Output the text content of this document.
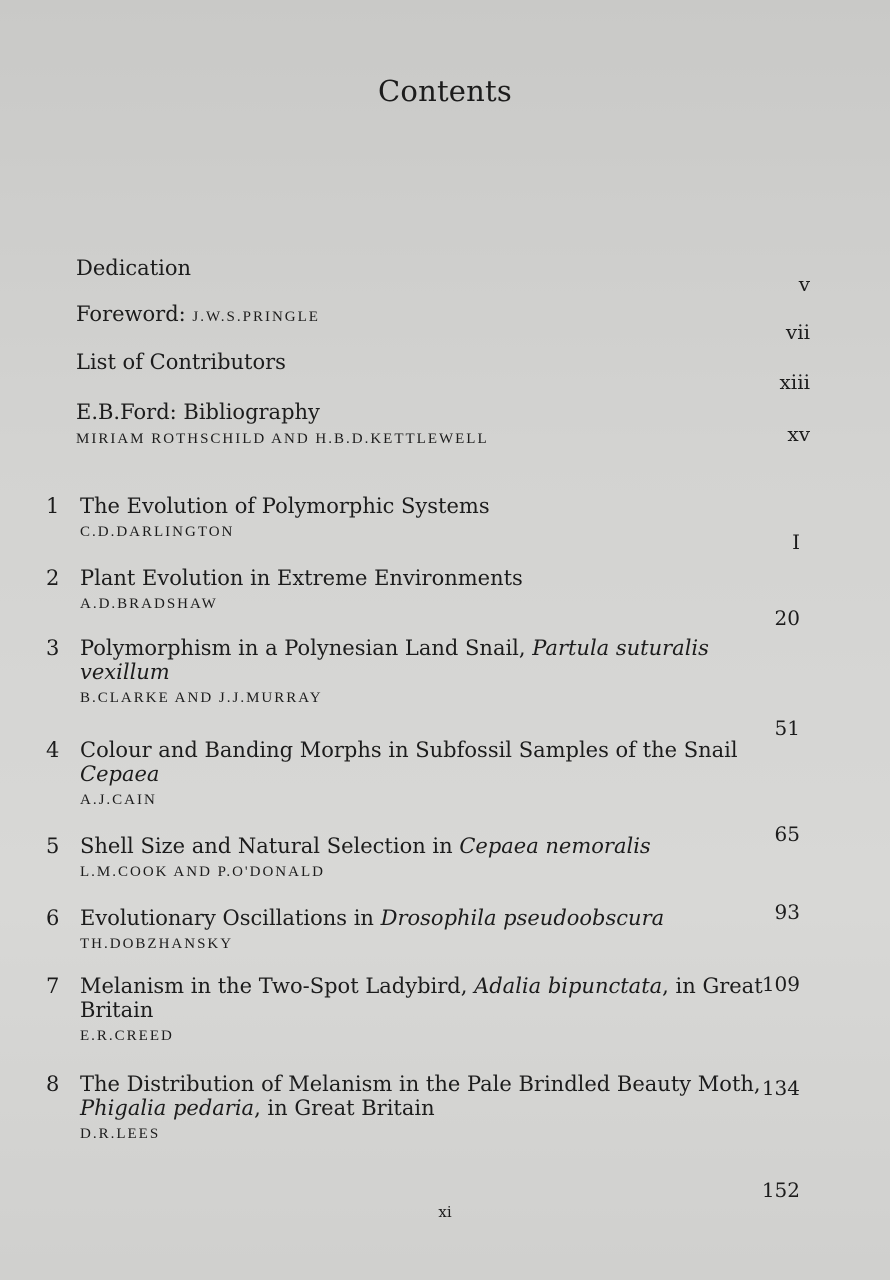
Contents
Dedication
v
Foreword: J.W.S.PRINGLE
vii
List of Contributors
xiii
E.B.Ford: Bibliography
MIRIAM ROTHSCHILD AND H.B.D.KETTLEWELL	xv
1 The Evolution of Polymorphic Systems
C.D.DARLINGTON	I
2 Plant Evolution in Extreme Environments
A.D.BRADSHAW
20
3 Polymorphism in a Polynesian Land Snail, Partula suturalis vexillum
B.CLARKE AND J.J.MURRAY
51
4 Colour and Banding Morphs in Subfossil Samples of the Snail Cepaea
A.J.CAIN
65
5 Shell Size and Natural Selection in Cepaea nemoralis
L.M.COOK AND P.O'DONALD
93
6 Evolutionary Oscillations in Drosophila pseudoobscura
TH.DOBZHANSKY
109
7 Melanism in the Two-Spot Ladybird, Adalia bipunctata, in Great Britain
E.R.CREED
134
8 The Distribution of Melanism in the Pale Brindled Beauty Moth, Phigalia pedaria, in Great Britain
D.R.LEES
152
xi
